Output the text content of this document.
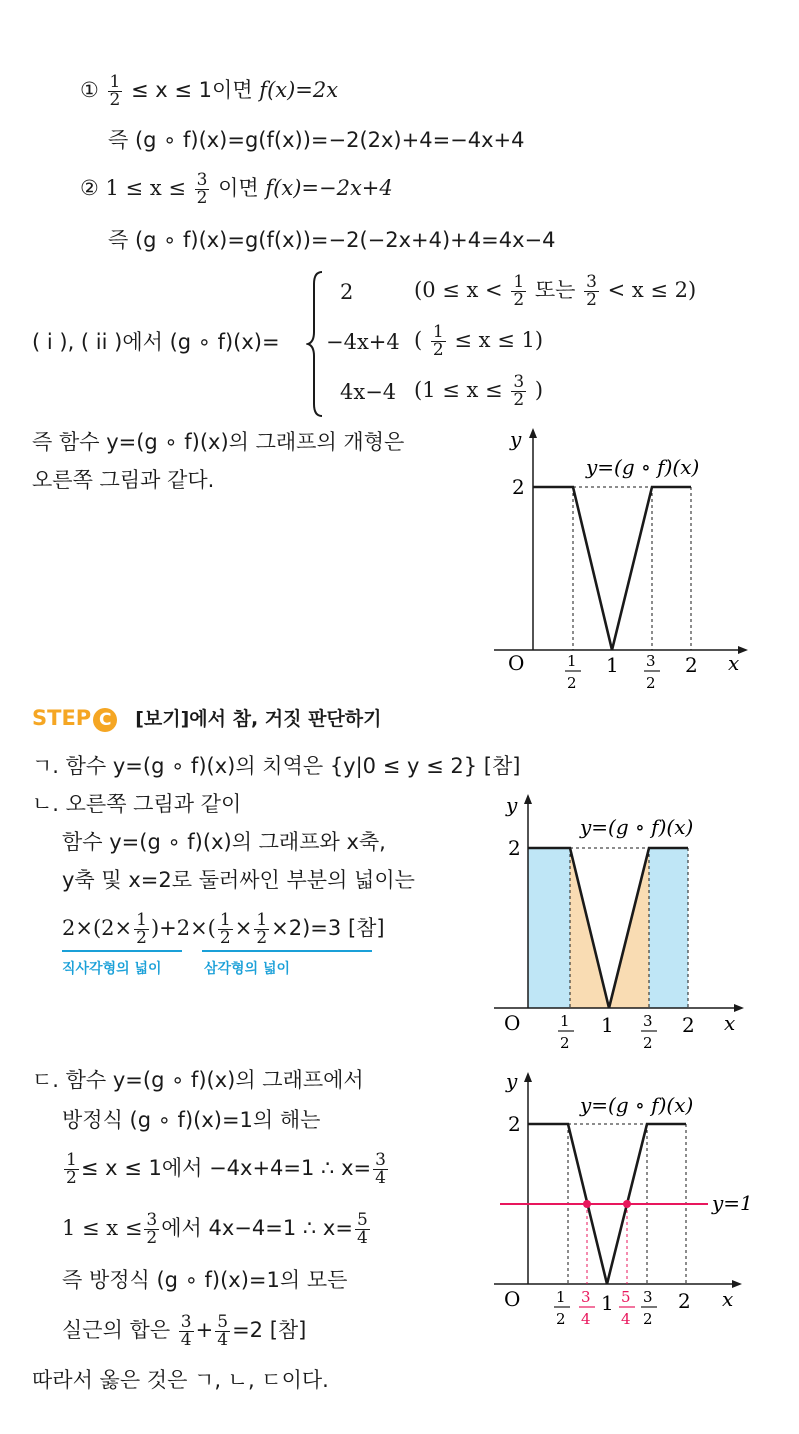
① $\frac{1}{2} \le x \le 1$이면 f(x)=2x
즉 (g ∘ f)(x)=g(f(x))=−2(2x)+4=−4x+4
② $1 \le x \le \frac{3}{2}$ 이면 f(x)=−2x+4
즉 (g ∘ f)(x)=g(f(x))=−2(−2x+4)+4=4x−4
( i ), ( ii )에서 (g ∘ f)(x)=
2	($0 \le x < \frac{1}{2}$ 또는 $\frac{3}{2} < x \le 2$)
−4x+4 ( $\frac{1}{2} \le x \le 1$)
4x−4 ($1 \le x \le \frac{3}{2}$ )
즉 함수 y=(g ∘ f)(x)의 그래프의 개형은
오른쪽 그림과 같다.
y
x
O
2
y=(g ∘ f)(x)
1
2
1 3
2
2
STEP C [보기]에서 참, 거짓 판단하기
ㄱ. 함수 y=(g ∘ f)(x)의 치역은 {y|0 ≤ y ≤ 2} [참]
ㄴ. 오른쪽 그림과 같이
함수 y=(g ∘ f)(x)의 그래프와 x축,
y축 및 x=2로 둘러싸인 부분의 넓이는
$2\times(2\times \frac{1}{2} )+2\times( \frac{1}{2} \times \frac{1}{2} \times 2)=3$ [참]
직사각형의 넓이	삼각형의 넓이
y
x
O
2
y=(g ∘ f)(x)
1
2
1 3
2
2
ㄷ. 함수 y=(g ∘ f)(x)의 그래프에서
방정식 (g ∘ f)(x)=1의 해는
$\frac{1}{2} \le x \le 1$에서 −4x+4=1 ∴ $x= \frac{3}{4}$
$1 \le x \le \frac{3}{2}$ 에서 4x−4=1 ∴ $x= \frac{5}{4}$
즉 방정식 (g ∘ f)(x)=1의 모든
실근의 합은 $\frac{3}{4} + \frac{5}{4} =2$ [참]
y
x
O
2
y=(g ∘ f)(x)
y=1
1
2
3
4
1 5
4
3
2
2
따라서 옳은 것은 ㄱ, ㄴ, ㄷ이다.
